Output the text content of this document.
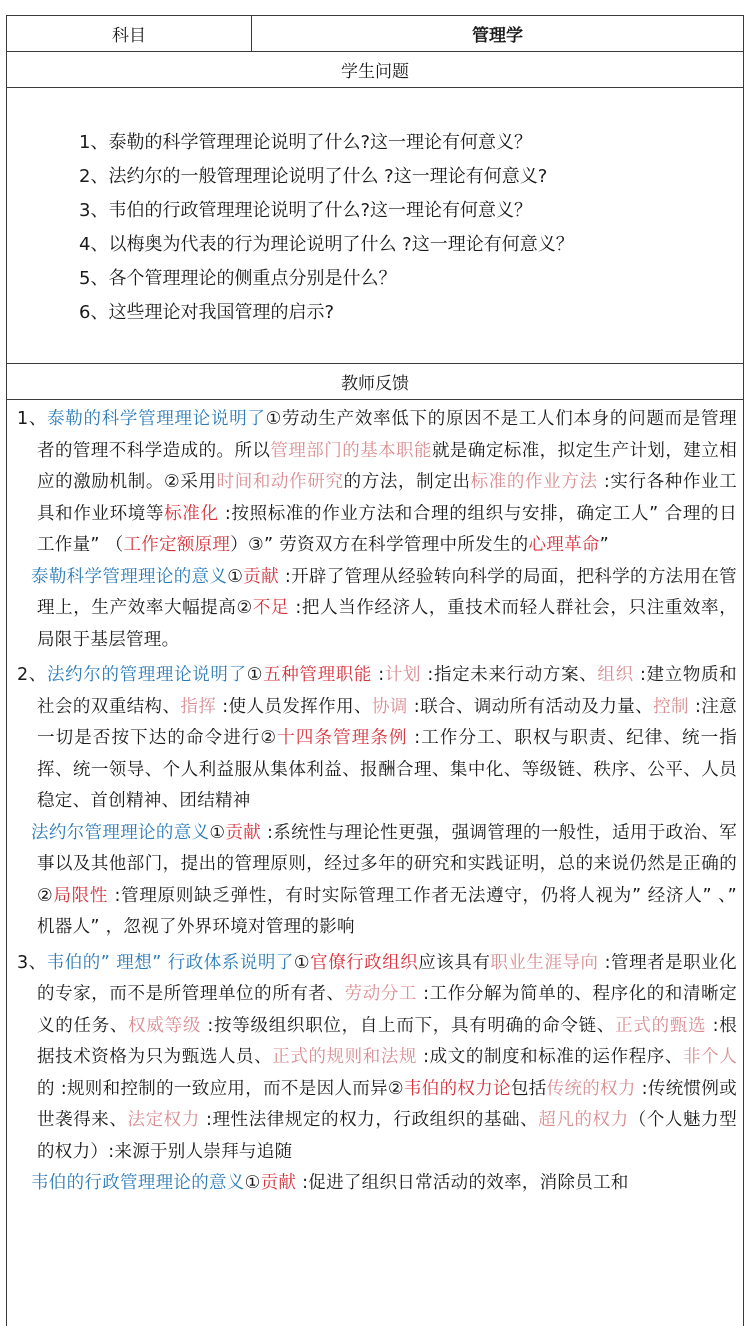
科目	管理学
学生问题
1、泰勒的科学管理理论说明了什么?这一理论有何意义？
2、法约尔的一般管理理论说明了什么 ?这一理论有何意义?
3、韦伯的行政管理理论说明了什么?这一理论有何意义？
4、以梅奥为代表的行为理论说明了什么 ?这一理论有何意义？
5、各个管理理论的侧重点分别是什么？
6、这些理论对我国管理的启示?
教师反馈

1、泰勒的科学管理理论说明了①劳动生产效率低下的原因不是工人们本身的问题而是管理者的管理不科学造成的。所以管理部门的基本职能就是确定标准，拟定生产计划，建立相应的激励机制。②采用时间和动作研究的方法，制定出标准的作业方法 :实行各种作业工具和作业环境等标准化 :按照标准的作业方法和合理的组织与安排，确定工人” 合理的日工作量” （工作定额原理）③” 劳资双方在科学管理中所发生的心理革命”

泰勒科学管理理论的意义①贡献 :开辟了管理从经验转向科学的局面，把科学的方法用在管理上，生产效率大幅提高②不足 :把人当作经济人，重技术而轻人群社会，只注重效率，局限于基层管理。

2、法约尔的管理理论说明了①五种管理职能 :计划 :指定未来行动方案、组织 :建立物质和社会的双重结构、指挥 :使人员发挥作用、协调 :联合、调动所有活动及力量、控制 :注意一切是否按下达的命令进行②十四条管理条例 :工作分工、职权与职责、纪律、统一指挥、统一领导、个人利益服从集体利益、报酬合理、集中化、等级链、秩序、公平、人员稳定、首创精神、团结精神

法约尔管理理论的意义①贡献 :系统性与理论性更强，强调管理的一般性，适用于政治、军事以及其他部门，提出的管理原则，经过多年的研究和实践证明，总的来说仍然是正确的②局限性 :管理原则缺乏弹性，有时实际管理工作者无法遵守，仍将人视为” 经济人” 、” 机器人” ，忽视了外界环境对管理的影响

3、韦伯的” 理想” 行政体系说明了①官僚行政组织应该具有职业生涯导向 :管理者是职业化的专家，而不是所管理单位的所有者、劳动分工 :工作分解为简单的、程序化的和清晰定义的任务、权威等级 :按等级组织职位，自上而下，具有明确的命令链、正式的甄选 :根据技术资格为只为甄选人员、正式的规则和法规 :成文的制度和标准的运作程序、非个人的 :规则和控制的一致应用，而不是因人而异②韦伯的权力论包括传统的权力 :传统惯例或世袭得来、法定权力 :理性法律规定的权力，行政组织的基础、超凡的权力（个人魅力型的权力）:来源于别人崇拜与追随

韦伯的行政管理理论的意义①贡献 :促进了组织日常活动的效率，消除员工和
